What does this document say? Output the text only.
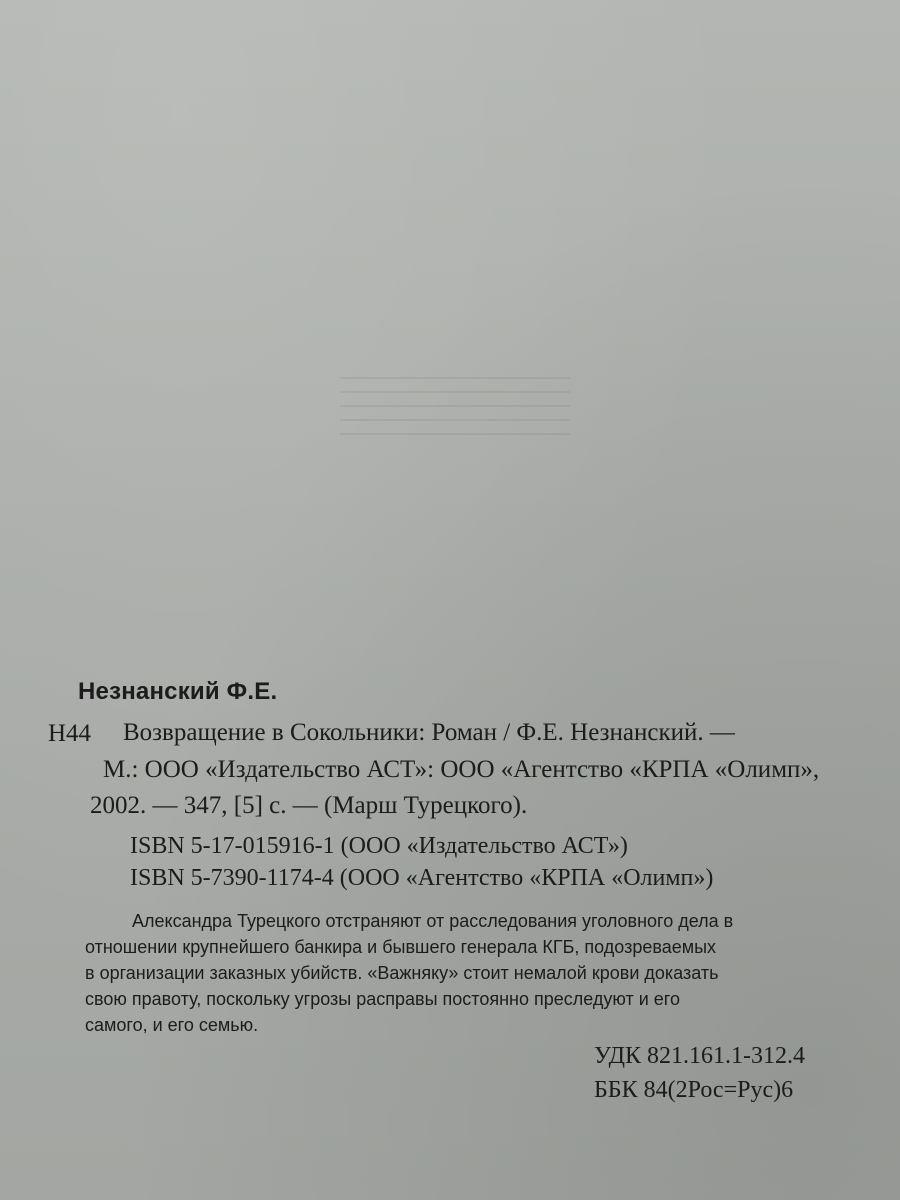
Незнанский Ф.Е.
Н44 Возвращение в Сокольники: Роман / Ф.Е. Незнанский. —
М.: ООО «Издательство АСТ»: ООО «Агентство «КРПА «Олимп»,
2002. — 347, [5] с. — (Марш Турецкого).
ISBN 5-17-015916-1 (ООО «Издательство АСТ»)
ISBN 5-7390-1174-4 (ООО «Агентство «КРПА «Олимп»)
Александра Турецкого отстраняют от расследования уголовного дела в
отношении крупнейшего банкира и бывшего генерала КГБ, подозреваемых
в организации заказных убийств. «Важняку» стоит немалой крови доказать
свою правоту, поскольку угрозы расправы постоянно преследуют и его
самого, и его семью.
УДК 821.161.1-312.4
ББК 84(2Рос=Рус)6
